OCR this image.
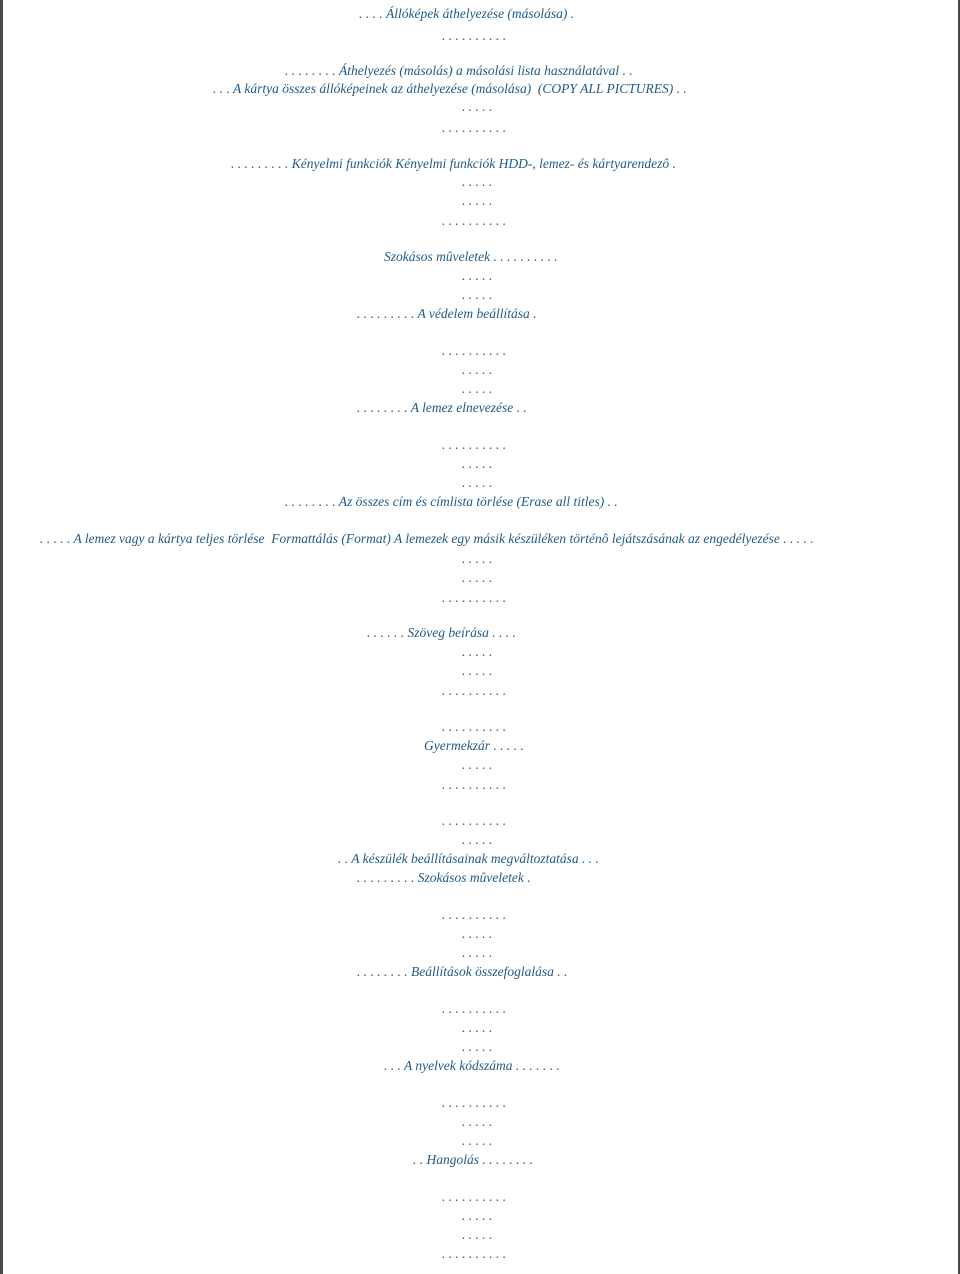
. . . . Állóképek áthelyezése (másolása) .
. . . . . . . . . .
. . . . . . . . Áthelyezés (másolás) a másolási lista használatával . .
. . . A kártya összes állóképeinek az áthelyezése (másolása)  (COPY ALL PICTURES) . .
. . . . .
. . . . . . . . . .
. . . . . . . . . Kényelmi funkciók Kényelmi funkciók HDD-, lemez- és kártyarendezô .
. . . . .
. . . . .
. . . . . . . . . .
Szokásos mûveletek . . . . . . . . . .
. . . . .
. . . . .
. . . . . . . . . A védelem beállítása .
. . . . . . . . . .
. . . . .
. . . . .
. . . . . . . . A lemez elnevezése . .
. . . . . . . . . .
. . . . .
. . . . .
. . . . . . . . Az összes cím és címlista törlése (Erase all titles) . .
. . . . . A lemez vagy a kártya teljes törlése  Formattálás (Format) A lemezek egy másik készüléken történô lejátszásának az engedélyezése . . . . .
. . . . .
. . . . .
. . . . . . . . . .
. . . . . . Szöveg beírása . . . .
. . . . .
. . . . .
. . . . . . . . . .
. . . . . . . . . .
Gyermekzár . . . . .
. . . . .
. . . . . . . . . .
. . . . . . . . . .
. . . . .
. . A készülék beállításainak megváltoztatása . . .
. . . . . . . . . Szokásos mûveletek .
. . . . . . . . . .
. . . . .
. . . . .
. . . . . . . . Beállítások összefoglalása . .
. . . . . . . . . .
. . . . .
. . . . .
. . . A nyelvek kódszáma . . . . . . .
. . . . . . . . . .
. . . . .
. . . . .
. . Hangolás . . . . . . . .
. . . . . . . . . .
. . . . .
. . . . .
. . . . . . . . . .
